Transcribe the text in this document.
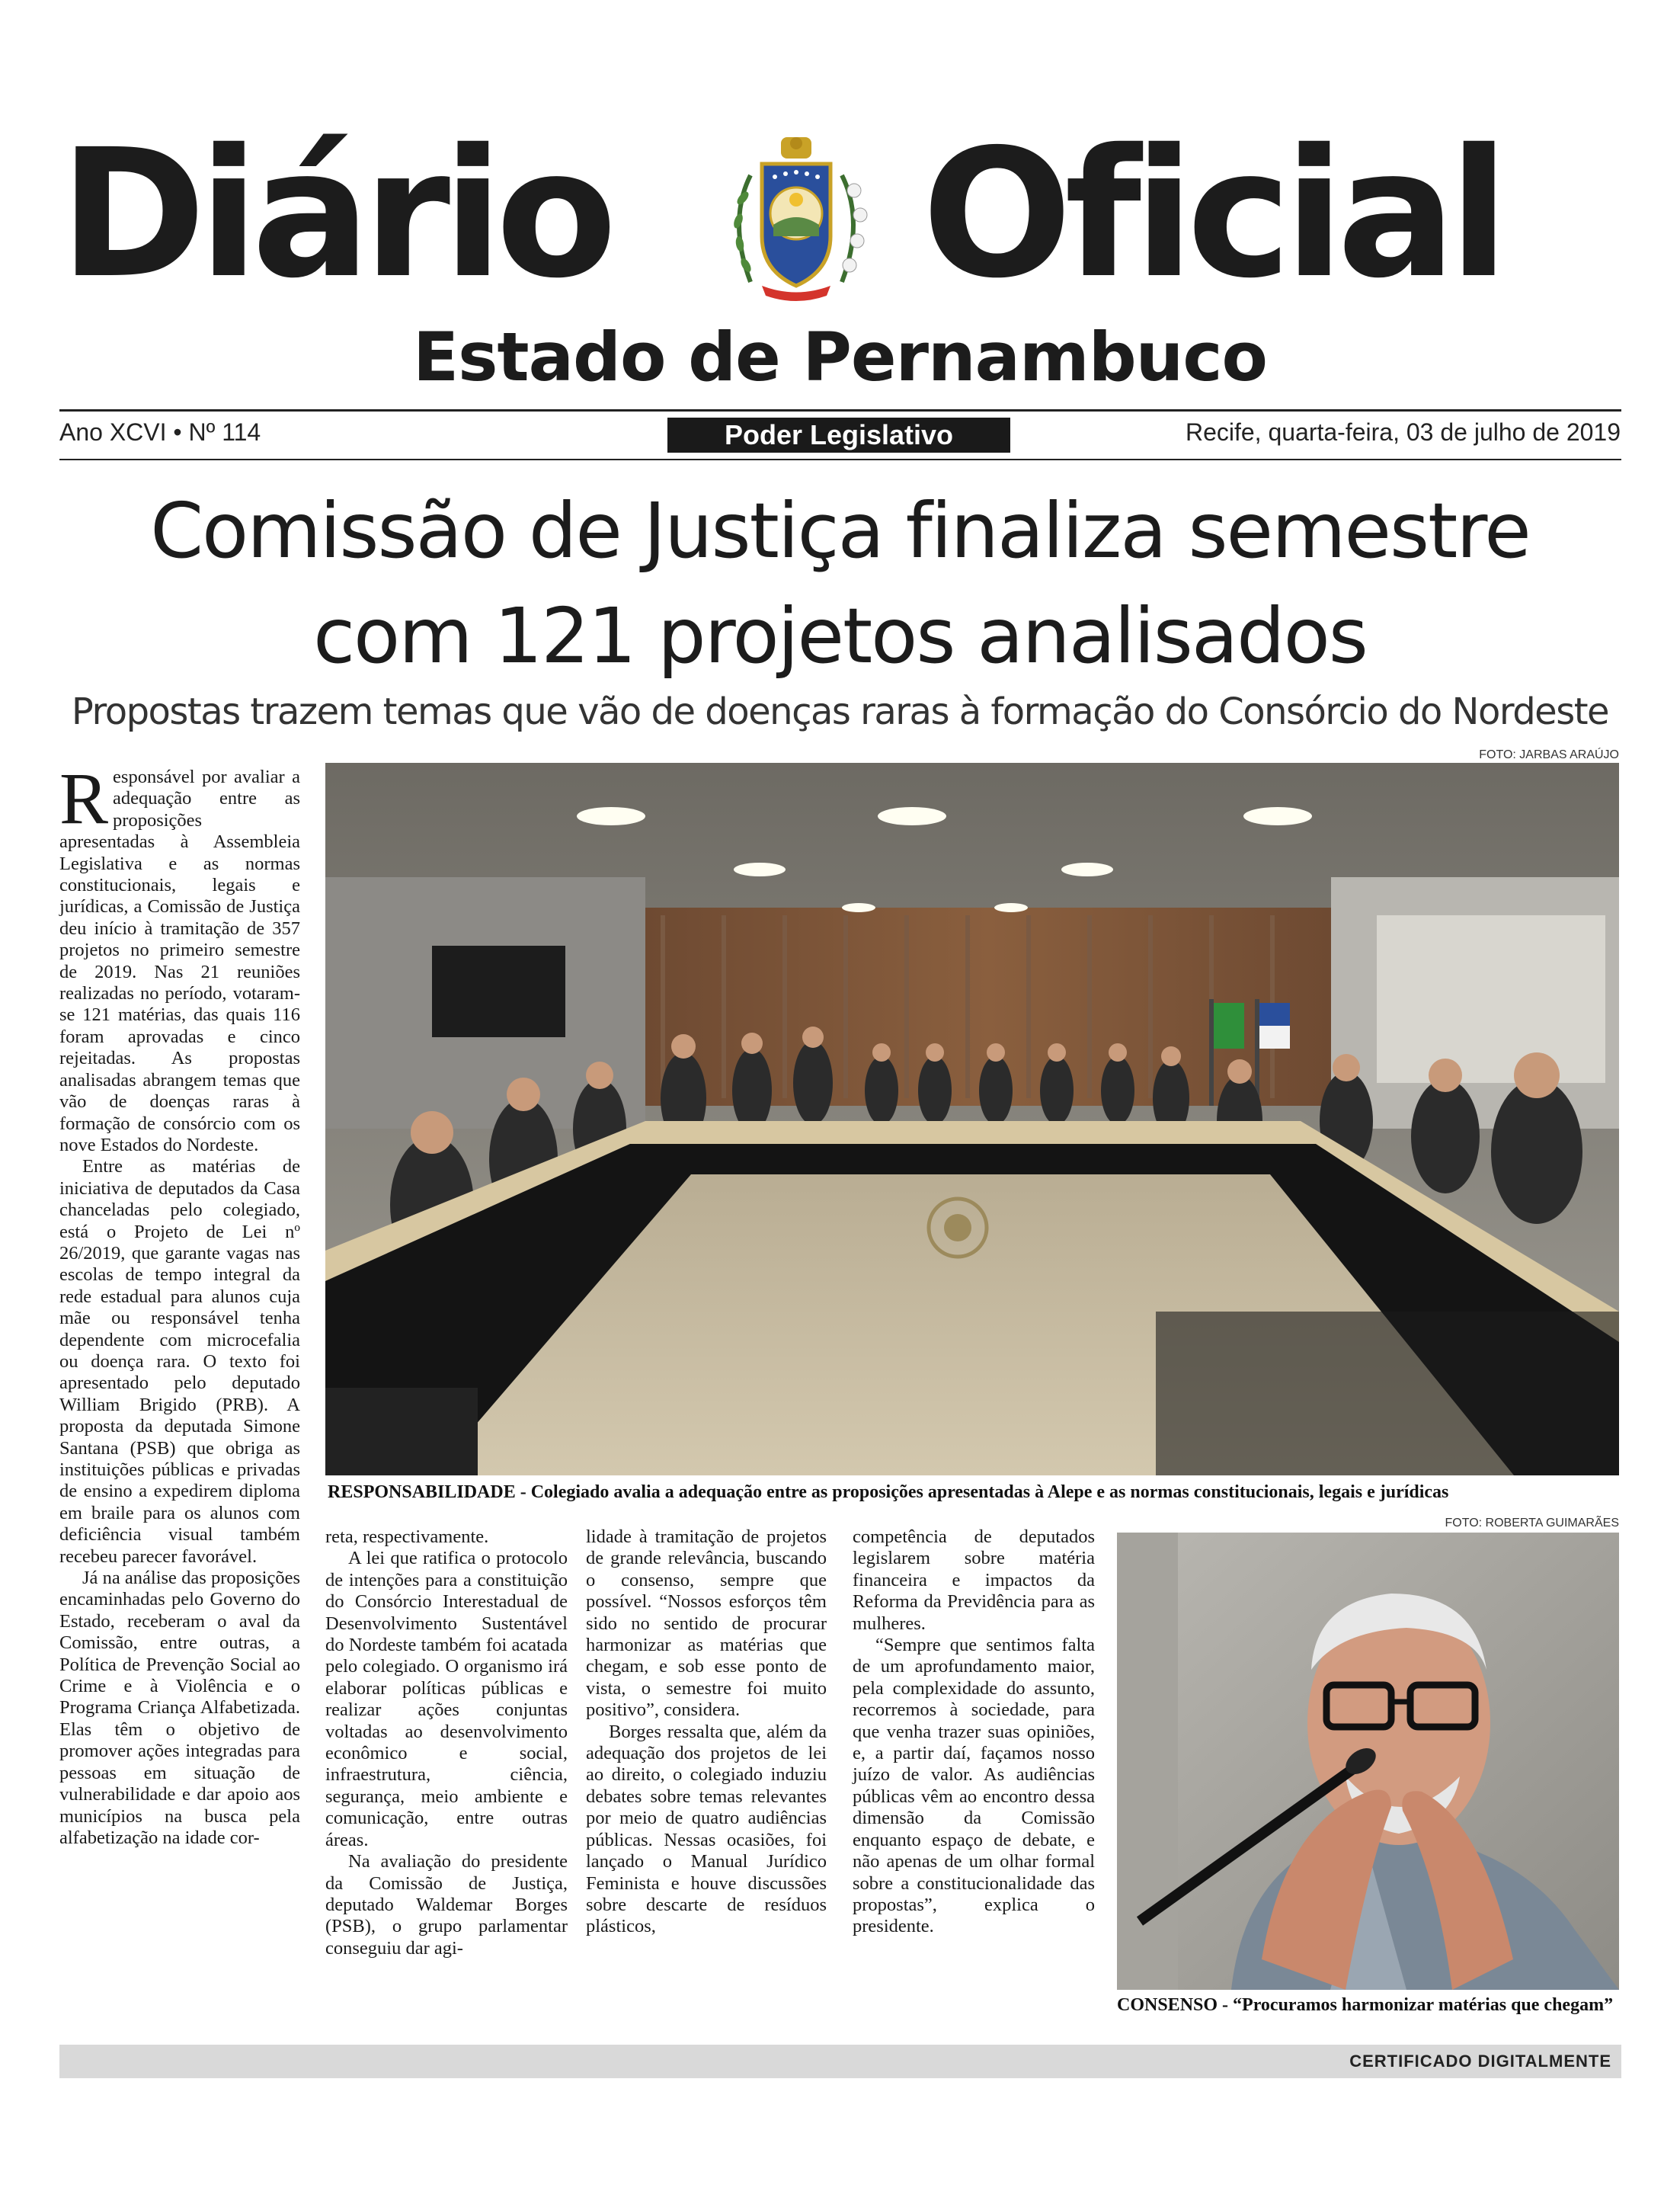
Diário Oficial
Estado de Pernambuco
Ano XCVI • Nº 114	Poder Legislativo	Recife, quarta-feira, 03 de julho de 2019
Comissão de Justiça finaliza semestre
com 121 projetos analisados
Propostas trazem temas que vão de doenças raras à formação do Consórcio do Nordeste
FOTO: JARBAS ARAÚJO
RESPONSABILIDADE - Colegiado avalia a adequação entre as proposições apresentadas à Alepe e as normas constitucionais, legais e jurídicas

Responsável por avaliar a adequação entre as proposições apresentadas à Assembleia Legislativa e as normas constitucionais, legais e jurídicas, a Comissão de Justiça deu início à tramitação de 357 projetos no primeiro semestre de 2019. Nas 21 reuniões realizadas no período, votaram-se 121 matérias, das quais 116 foram aprovadas e cinco rejeitadas. As propostas analisadas abrangem temas que vão de doenças raras à formação de consórcio com os nove Estados do Nordeste.

Entre as matérias de iniciativa de deputados da Casa chanceladas pelo colegiado, está o Projeto de Lei nº 26/2019, que garante vagas nas escolas de tempo integral da rede estadual para alunos cuja mãe ou responsável tenha dependente com microcefalia ou doença rara. O texto foi apresentado pelo deputado William Brigido (PRB). A proposta da deputada Simone Santana (PSB) que obriga as instituições públicas e privadas de ensino a expedirem diploma em braile para os alunos com deficiência visual também recebeu parecer favorável.

Já na análise das proposições encaminhadas pelo Governo do Estado, receberam o aval da Comissão, entre outras, a Política de Prevenção Social ao Crime e à Violência e o Programa Criança Alfabetizada. Elas têm o objetivo de promover ações integradas para pessoas em situação de vulnerabilidade e dar apoio aos municípios na busca pela alfabetização na idade cor-

reta, respectivamente.

A lei que ratifica o protocolo de intenções para a constituição do Consórcio Interestadual de Desenvolvimento Sustentável do Nordeste também foi acatada pelo colegiado. O organismo irá elaborar políticas públicas e realizar ações conjuntas voltadas ao desenvolvimento econômico e social, infraestrutura, ciência, segurança, meio ambiente e comunicação, entre outras áreas.

Na avaliação do presidente da Comissão de Justiça, deputado Waldemar Borges (PSB), o grupo parlamentar conseguiu dar agi-

lidade à tramitação de projetos de grande relevância, buscando o consenso, sempre que possível. “Nossos esforços têm sido no sentido de procurar harmonizar as matérias que chegam, e sob esse ponto de vista, o semestre foi muito positivo”, considera.

Borges ressalta que, além da adequação dos projetos de lei ao direito, o colegiado induziu debates sobre temas relevantes por meio de quatro audiências públicas. Nessas ocasiões, foi lançado o Manual Jurídico Feminista e houve discussões sobre descarte de resíduos plásticos,

competência de deputados legislarem sobre matéria financeira e impactos da Reforma da Previdência para as mulheres.

“Sempre que sentimos falta de um aprofundamento maior, pela complexidade do assunto, recorremos à sociedade, para que venha trazer suas opiniões, e, a partir daí, façamos nosso juízo de valor. As audiências públicas vêm ao encontro dessa dimensão da Comissão enquanto espaço de debate, e não apenas de um olhar formal sobre a constitucionalidade das propostas”, explica o presidente.

FOTO: ROBERTA GUIMARÃES
CONSENSO - “Procuramos harmonizar matérias que chegam”
CERTIFICADO DIGITALMENTE
